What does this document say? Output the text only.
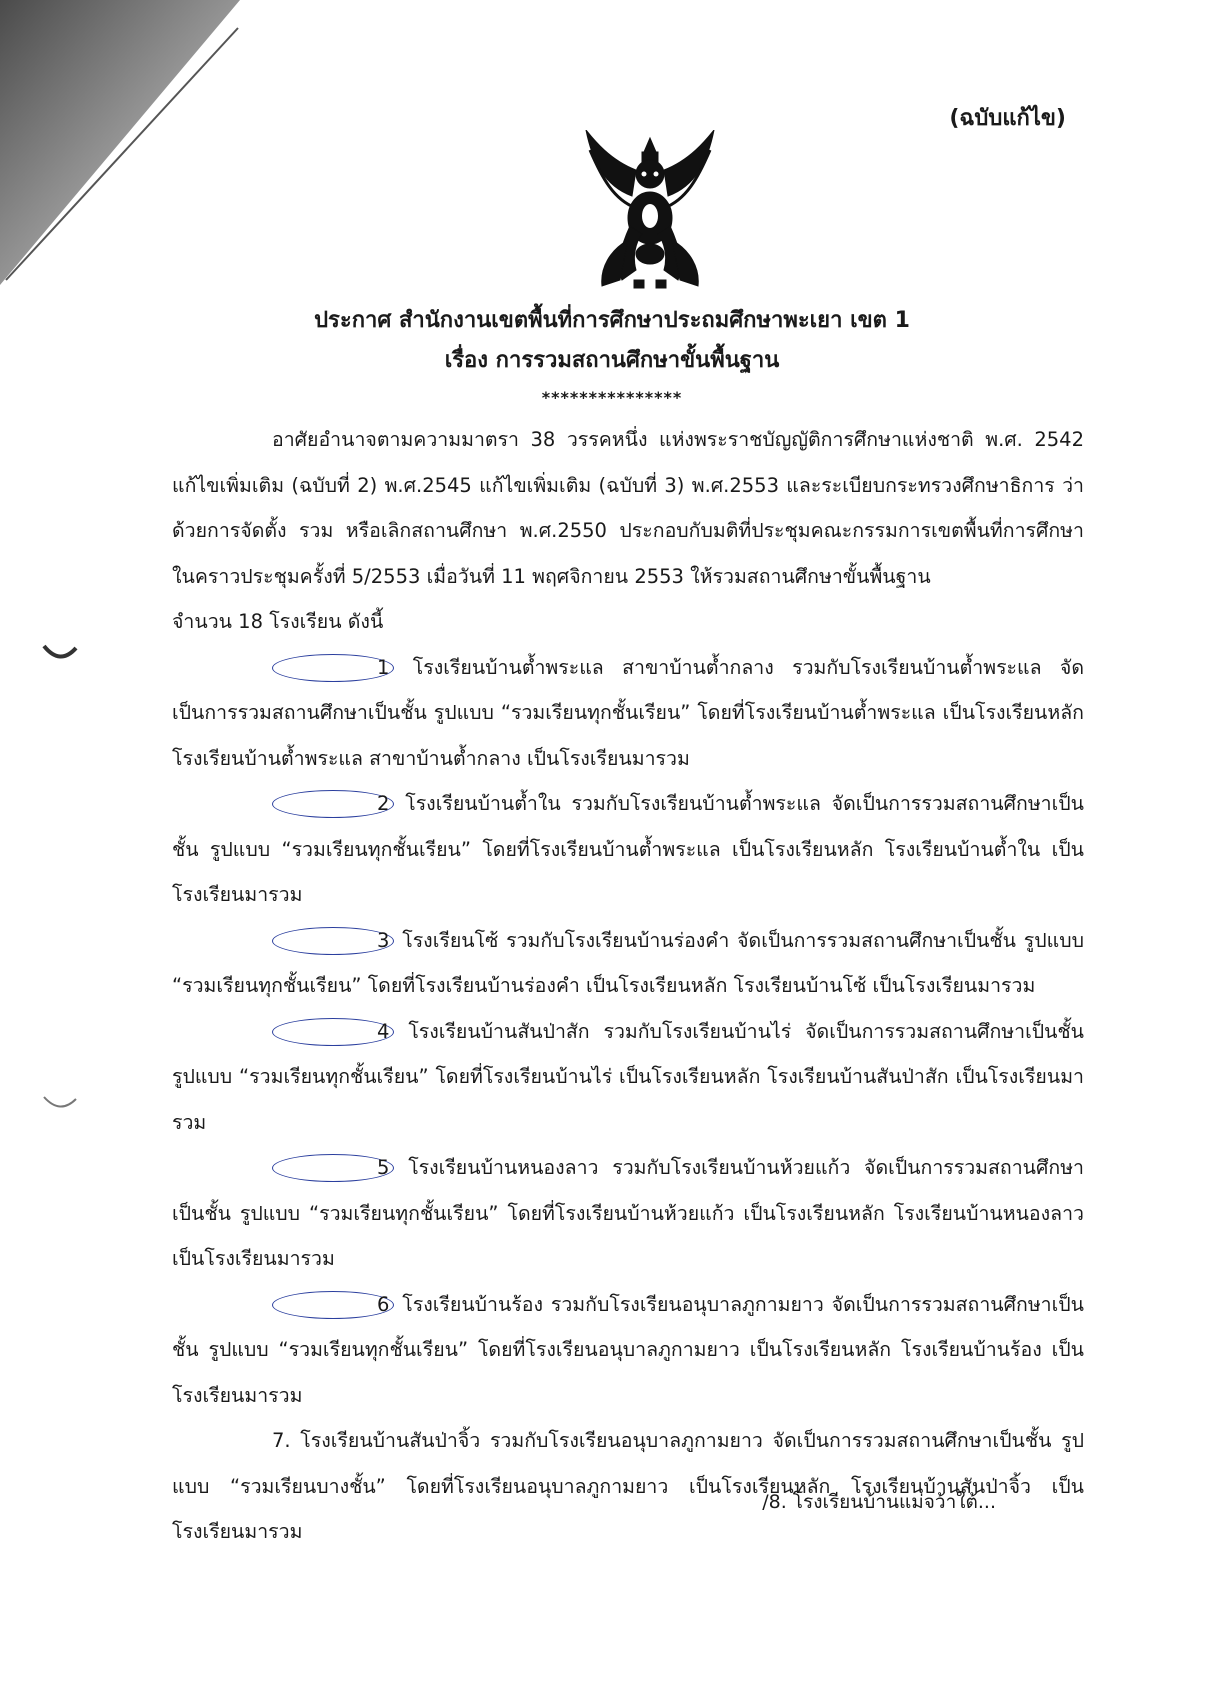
(ฉบับแก้ไข)
ประกาศ สำนักงานเขตพื้นที่การศึกษาประถมศึกษาพะเยา เขต 1
เรื่อง การรวมสถานศึกษาขั้นพื้นฐาน
***************

อาศัยอำนาจตามความมาตรา 38 วรรคหนึ่ง แห่งพระราชบัญญัติการศึกษาแห่งชาติ พ.ศ. 2542 แก้ไขเพิ่มเติม (ฉบับที่ 2) พ.ศ.2545 แก้ไขเพิ่มเติม (ฉบับที่ 3) พ.ศ.2553 และระเบียบกระทรวงศึกษาธิการ ว่าด้วยการจัดตั้ง รวม หรือเลิกสถานศึกษา พ.ศ.2550 ประกอบกับมติที่ประชุมคณะกรรมการเขตพื้นที่การศึกษา ในคราวประชุมครั้งที่ 5/2553 เมื่อวันที่ 11 พฤศจิกายน 2553 ให้รวมสถานศึกษาขั้นพื้นฐาน

จำนวน 18 โรงเรียน ดังนี้

1 โรงเรียนบ้านต้ำพระแล สาขาบ้านต้ำกลาง รวมกับโรงเรียนบ้านต้ำพระแล จัดเป็นการรวมสถานศึกษาเป็นชั้น รูปแบบ “รวมเรียนทุกชั้นเรียน” โดยที่โรงเรียนบ้านต้ำพระแล เป็นโรงเรียนหลัก โรงเรียนบ้านต้ำพระแล สาขาบ้านต้ำกลาง เป็นโรงเรียนมารวม

2 โรงเรียนบ้านต้ำใน รวมกับโรงเรียนบ้านต้ำพระแล จัดเป็นการรวมสถานศึกษาเป็นชั้น รูปแบบ “รวมเรียนทุกชั้นเรียน” โดยที่โรงเรียนบ้านต้ำพระแล เป็นโรงเรียนหลัก โรงเรียนบ้านต้ำใน เป็นโรงเรียนมารวม

3 โรงเรียนโซ้ รวมกับโรงเรียนบ้านร่องคำ จัดเป็นการรวมสถานศึกษาเป็นชั้น รูปแบบ “รวมเรียนทุกชั้นเรียน” โดยที่โรงเรียนบ้านร่องคำ เป็นโรงเรียนหลัก โรงเรียนบ้านโซ้ เป็นโรงเรียนมารวม

4 โรงเรียนบ้านสันป่าสัก รวมกับโรงเรียนบ้านไร่ จัดเป็นการรวมสถานศึกษาเป็นชั้น รูปแบบ “รวมเรียนทุกชั้นเรียน” โดยที่โรงเรียนบ้านไร่ เป็นโรงเรียนหลัก โรงเรียนบ้านสันป่าสัก เป็นโรงเรียนมารวม

5 โรงเรียนบ้านหนองลาว รวมกับโรงเรียนบ้านห้วยแก้ว จัดเป็นการรวมสถานศึกษาเป็นชั้น รูปแบบ “รวมเรียนทุกชั้นเรียน” โดยที่โรงเรียนบ้านห้วยแก้ว เป็นโรงเรียนหลัก โรงเรียนบ้านหนองลาว เป็นโรงเรียนมารวม

6 โรงเรียนบ้านร้อง รวมกับโรงเรียนอนุบาลภูกามยาว จัดเป็นการรวมสถานศึกษาเป็นชั้น รูปแบบ “รวมเรียนทุกชั้นเรียน” โดยที่โรงเรียนอนุบาลภูกามยาว เป็นโรงเรียนหลัก โรงเรียนบ้านร้อง เป็นโรงเรียนมารวม

7. โรงเรียนบ้านสันป่าจิ้ว รวมกับโรงเรียนอนุบาลภูกามยาว จัดเป็นการรวมสถานศึกษาเป็นชั้น รูปแบบ “รวมเรียนบางชั้น” โดยที่โรงเรียนอนุบาลภูกามยาว เป็นโรงเรียนหลัก โรงเรียนบ้านสันป่าจิ้ว เป็นโรงเรียนมารวม

/8. โรงเรียนบ้านแม่จว้าใต้...
